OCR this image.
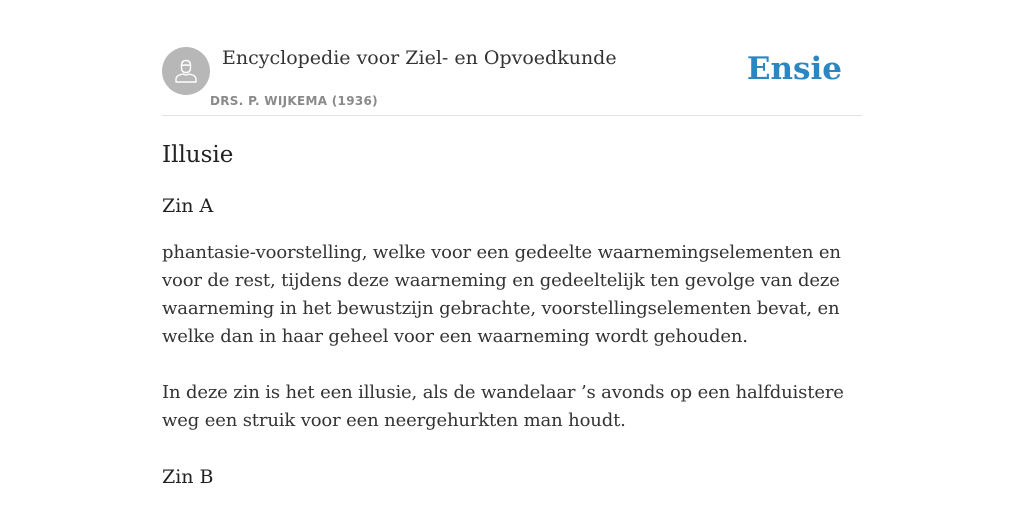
Encyclopedie voor Ziel- en Opvoedkunde
DRS. P. WIJKEMA (1936)
Ensie
Illusie

Zin A

phantasie-voorstelling, welke voor een gedeelte waarnemingselementen en voor de rest, tijdens deze waarneming en gedeeltelijk ten gevolge van deze waarneming in het bewustzijn gebrachte, voorstellingselementen bevat, en welke dan in haar geheel voor een waarneming wordt gehouden.

In deze zin is het een illusie, als de wandelaar ’s avonds op een halfduistere weg een struik voor een neergehurkten man houdt.

Zin B
